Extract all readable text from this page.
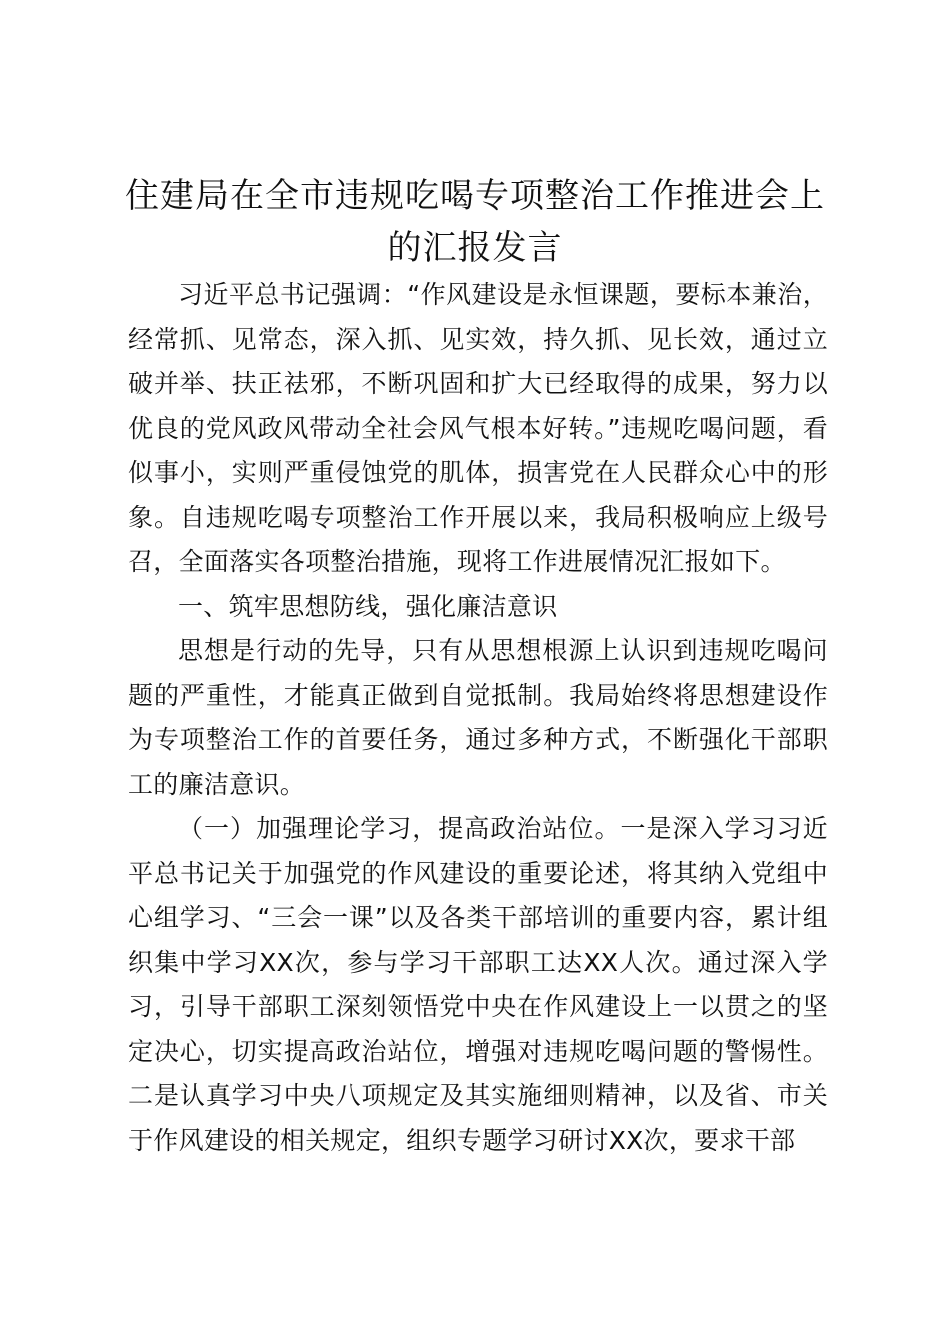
住建局在全市违规吃喝专项整治工作推进会上的汇报发言

习近平总书记强调：“作风建设是永恒课题，要标本兼治，经常抓、见常态，深入抓、见实效，持久抓、见长效，通过立破并举、扶正祛邪，不断巩固和扩大已经取得的成果，努力以优良的党风政风带动全社会风气根本好转。”违规吃喝问题，看似事小，实则严重侵蚀党的肌体，损害党在人民群众心中的形象。自违规吃喝专项整治工作开展以来，我局积极响应上级号召，全面落实各项整治措施，现将工作进展情况汇报如下。

一、筑牢思想防线，强化廉洁意识

思想是行动的先导，只有从思想根源上认识到违规吃喝问题的严重性，才能真正做到自觉抵制。我局始终将思想建设作为专项整治工作的首要任务，通过多种方式，不断强化干部职工的廉洁意识。

（一）加强理论学习，提高政治站位。一是深入学习习近平总书记关于加强党的作风建设的重要论述，将其纳入党组中心组学习、“三会一课”以及各类干部培训的重要内容，累计组织集中学习XX次，参与学习干部职工达XX人次。通过深入学习，引导干部职工深刻领悟党中央在作风建设上一以贯之的坚定决心，切实提高政治站位，增强对违规吃喝问题的警惕性。二是认真学习中央八项规定及其实施细则精神，以及省、市关于作风建设的相关规定，组织专题学习研讨XX次，要求干部
